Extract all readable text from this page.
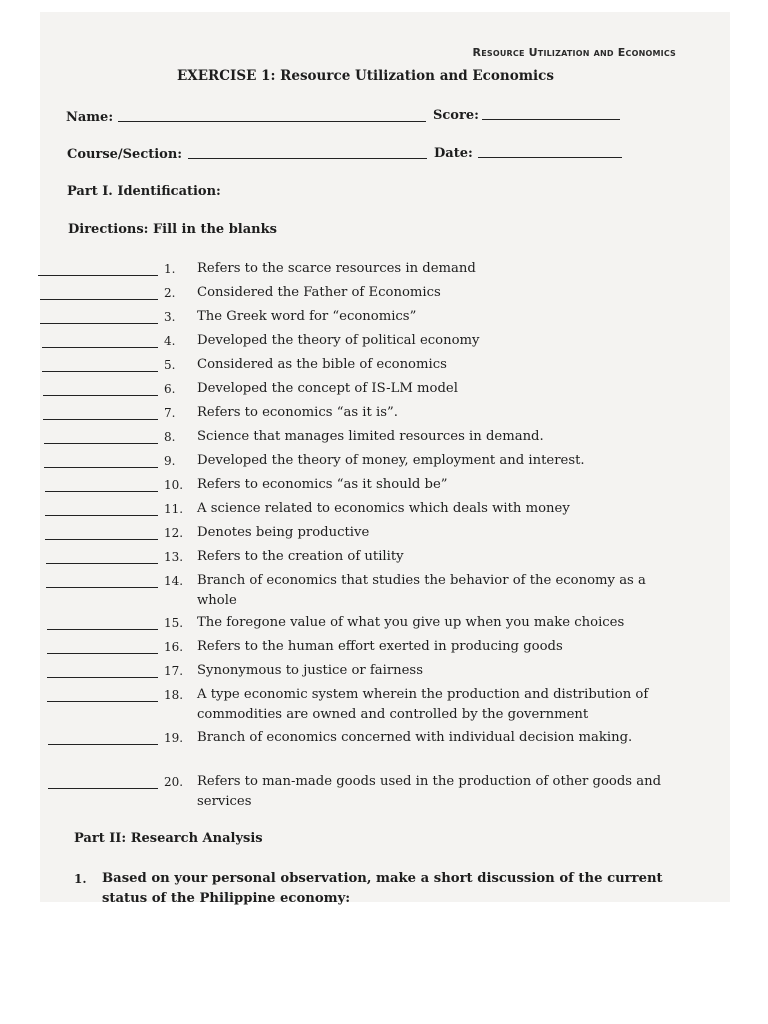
Resource Utilization and Economics
EXERCISE 1: Resource Utilization and Economics
Name:	Score:
Course/Section:	Date:
Part I. Identification:
Directions: Fill in the blanks
1.	Refers to the scarce resources in demand
2.	Considered the Father of Economics
3.	The Greek word for “economics”
4.	Developed the theory of political economy
5.	Considered as the bible of economics
6.	Developed the concept of IS-LM model
7.	Refers to economics “as it is”.
8.	Science that manages limited resources in demand.
9.	Developed the theory of money, employment and interest.
10.	Refers to economics “as it should be”
11.	A science related to economics which deals with money
12.	Denotes being productive
13.	Refers to the creation of utility
14.	Branch of economics that studies the behavior of the economy as a whole
15.	The foregone value of what you give up when you make choices
16.	Refers to the human effort exerted in producing goods
17.	Synonymous to justice or fairness
18.	A type economic system wherein the production and distribution of commodities are owned and controlled by the government
19.	Branch of economics concerned with individual decision making.
20.	Refers to man-made goods used in the production of other goods and services
Part II: Research Analysis
1. Based on your personal observation, make a short discussion of the current status of the Philippine economy:
